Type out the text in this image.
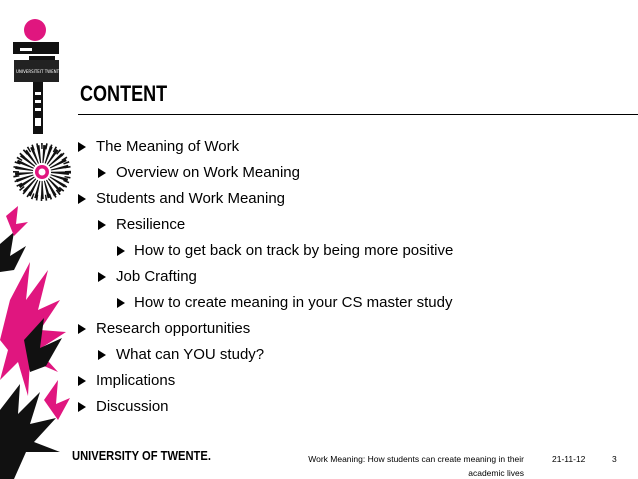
UNIVERSITEIT TWENTE
CONTENT
The Meaning of Work
Overview on Work Meaning
Students and Work Meaning
Resilience
How to get back on track by being more positive
Job Crafting
How to create meaning in your CS master study
Research opportunities
What can YOU study?
Implications
Discussion
UNIVERSITY OF TWENTE.	Work Meaning: How students can create meaning in their academic lives
21-11-12	3
